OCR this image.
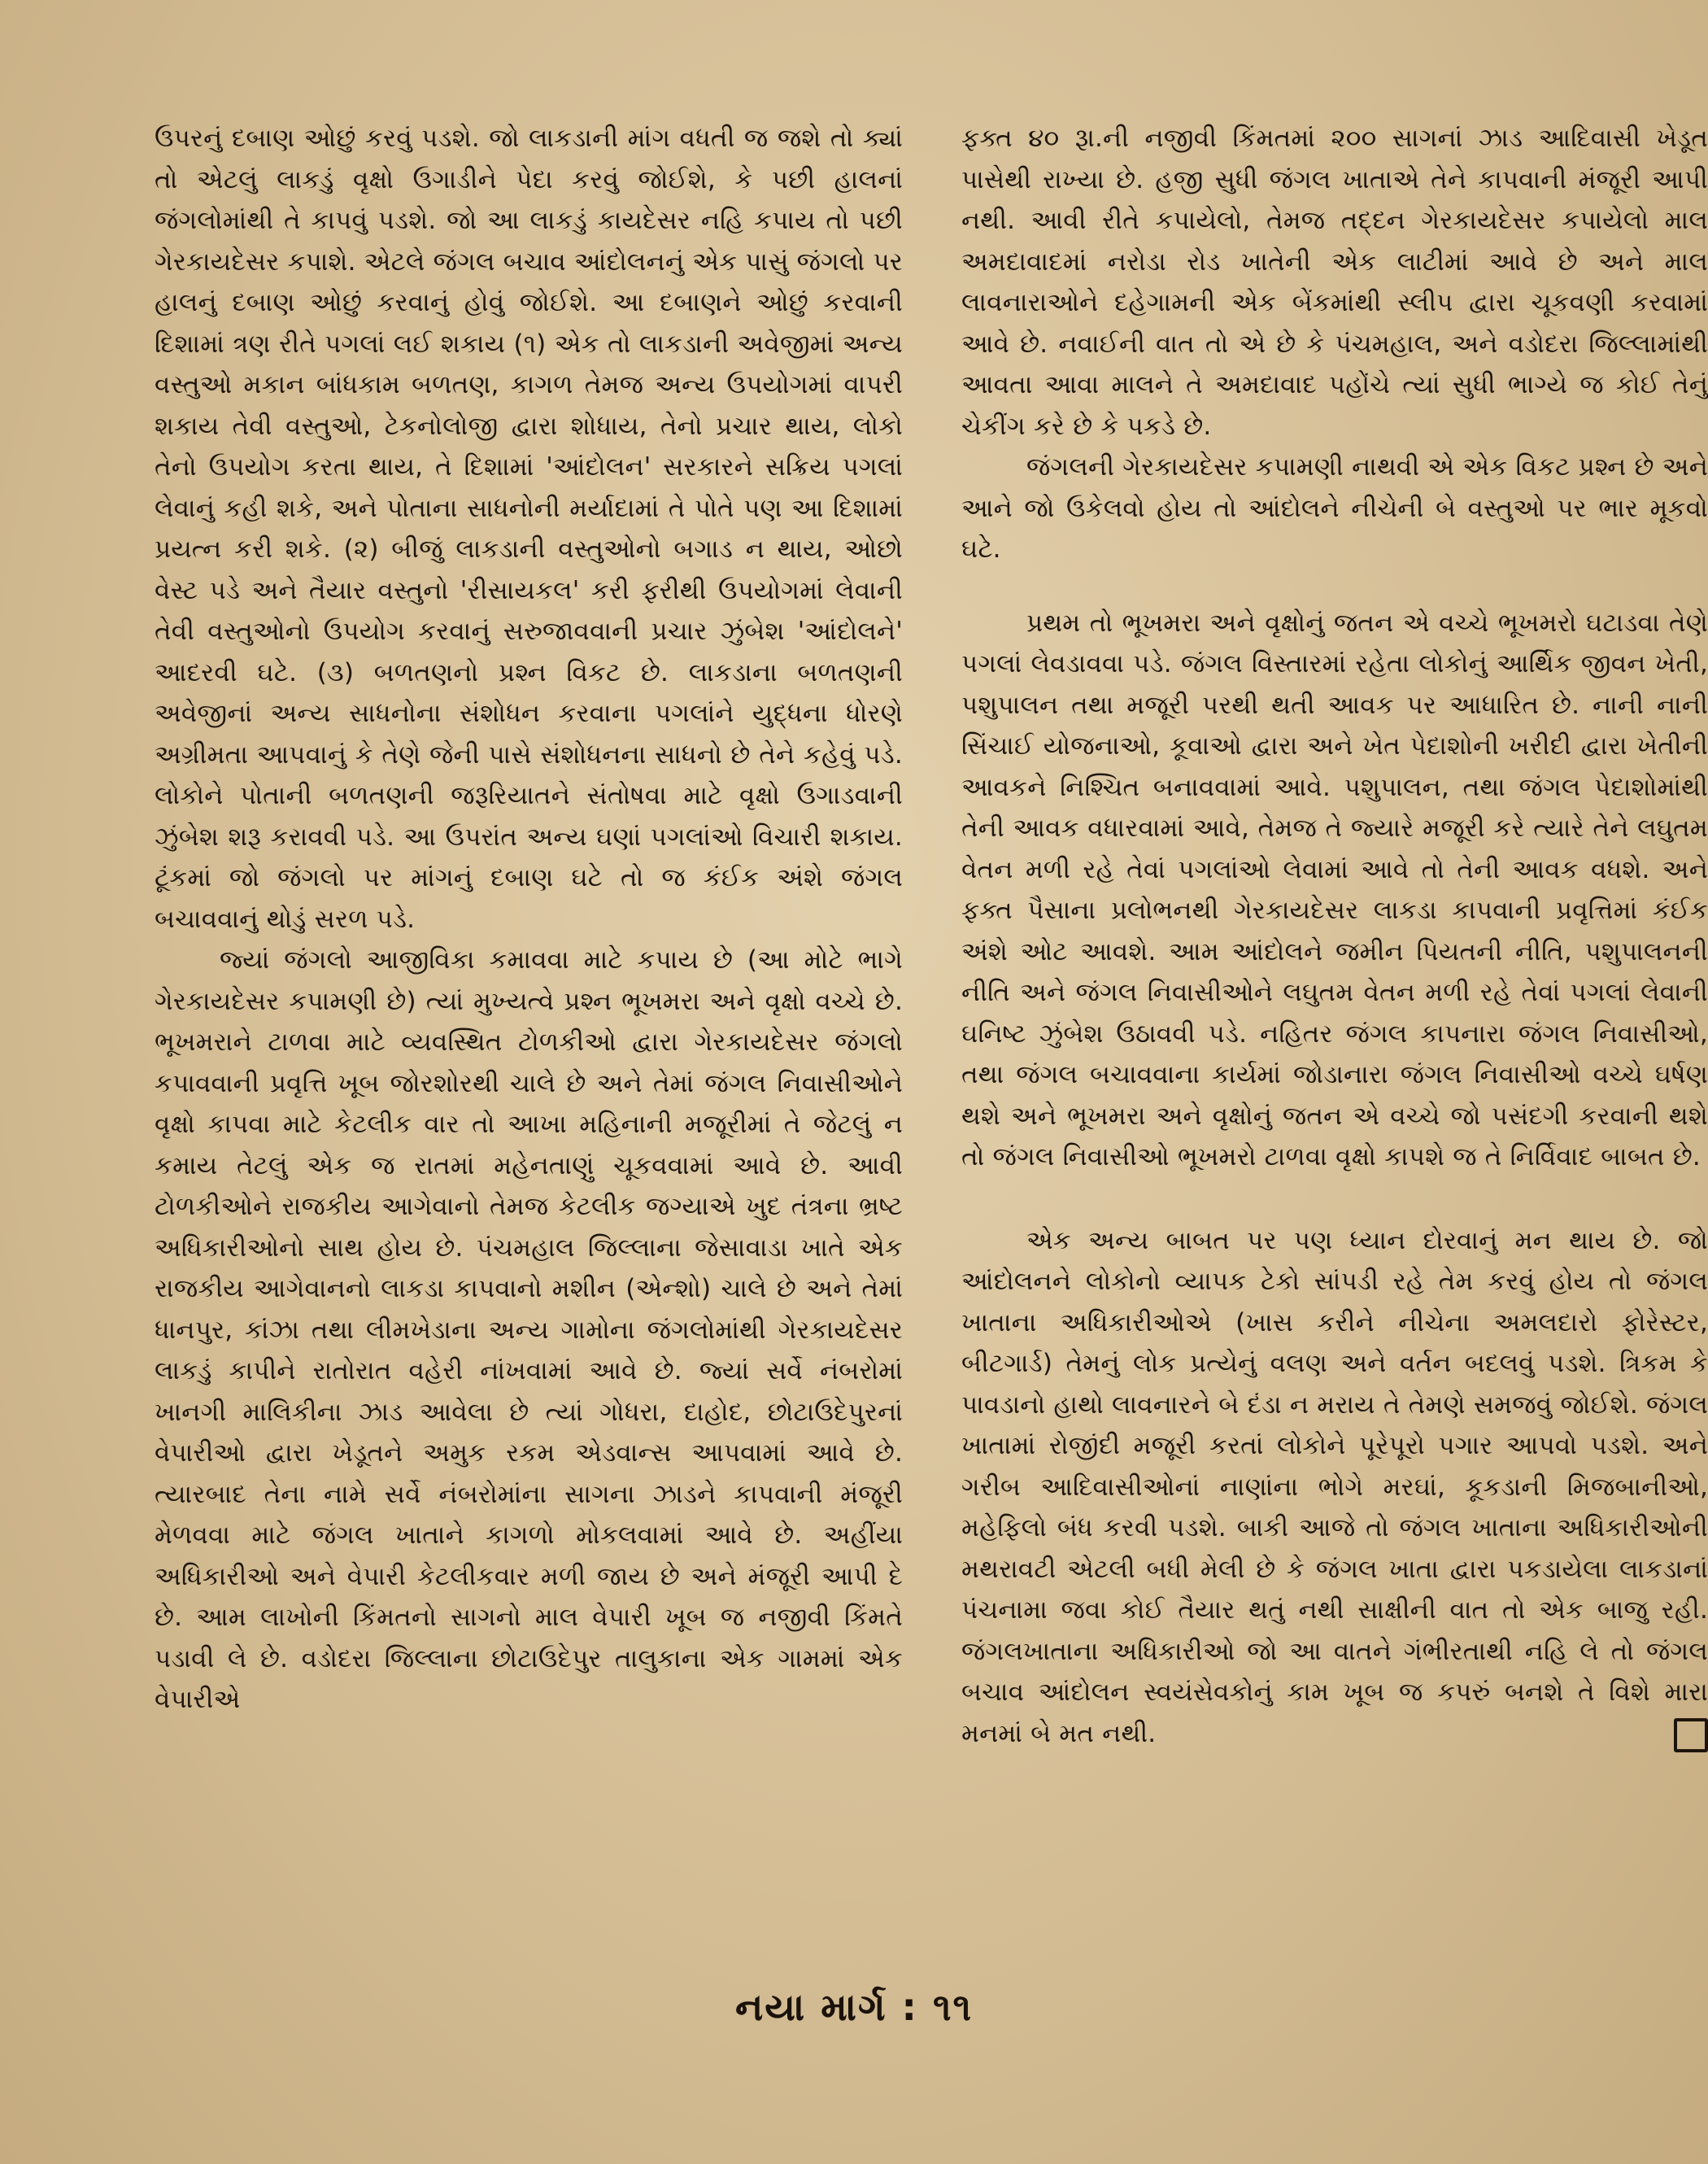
ઉપરનું દબાણ ઓછું કરવું પડશે. જો લાકડાની માંગ વધતી જ જશે તો ક્યાં તો એટલું લાકડું વૃક્ષો ઉગાડીને પેદા કરવું જોઈશે, કે પછી હાલનાં જંગલોમાંથી તે કાપવું પડશે. જો આ લાકડું કાયદેસર નહિ કપાય તો પછી ગેરકાયદેસર કપાશે. એટલે જંગલ બચાવ આંદોલનનું એક પાસું જંગલો પર હાલનું દબાણ ઓછું કરવાનું હોવું જોઈશે. આ દબાણને ઓછું કરવાની દિશામાં ત્રણ રીતે પગલાં લઈ શકાય (૧) એક તો લાકડાની અવેજીમાં અન્ય વસ્તુઓ મકાન બાંધકામ બળતણ, કાગળ તેમજ અન્ય ઉપયોગમાં વાપરી શકાય તેવી વસ્તુઓ, ટેકનોલોજી દ્વારા શોધાય, તેનો પ્રચાર થાય, લોકો તેનો ઉપયોગ કરતા થાય, તે દિશામાં 'આંદોલન' સરકારને સક્રિય પગલાં લેવાનું કહી શકે, અને પોતાના સાધનોની મર્યાદામાં તે પોતે પણ આ દિશામાં પ્રયત્ન કરી શકે. (૨) બીજું લાકડાની વસ્તુઓનો બગાડ ન થાય, ઓછો વેસ્ટ પડે અને તૈયાર વસ્તુનો 'રીસાયકલ' કરી ફરીથી ઉપયોગમાં લેવાની તેવી વસ્તુઓનો ઉપયોગ કરવાનું સરુજાવવાની પ્રચાર ઝુંબેશ 'આંદોલને' આદરવી ઘટે. (૩) બળતણનો પ્રશ્ન વિકટ છે. લાકડાના બળતણની અવેજીનાં અન્ય સાધનોના સંશોધન કરવાના પગલાંને યુદ્ધના ધોરણે અગ્રીમતા આપવાનું કે તેણે જેની પાસે સંશોધનના સાધનો છે તેને કહેવું પડે. લોકોને પોતાની બળતણની જરૂરિયાતને સંતોષવા માટે વૃક્ષો ઉગાડવાની ઝુંબેશ શરૂ કરાવવી પડે. આ ઉપરાંત અન્ય ઘણાં પગલાંઓ વિચારી શકાય. ટૂંકમાં જો જંગલો પર માંગનું દબાણ ઘટે તો જ કંઈક અંશે જંગલ બચાવવાનું થોડું સરળ પડે.

જ્યાં જંગલો આજીવિકા કમાવવા માટે કપાય છે (આ મોટે ભાગે ગેરકાયદેસર કપામણી છે) ત્યાં મુખ્યત્વે પ્રશ્ન ભૂખમરા અને વૃક્ષો વચ્ચે છે. ભૂખમરાને ટાળવા માટે વ્યવસ્થિત ટોળકીઓ દ્વારા ગેરકાયદેસર જંગલો કપાવવાની પ્રવૃત્તિ ખૂબ જોરશોરથી ચાલે છે અને તેમાં જંગલ નિવાસીઓને વૃક્ષો કાપવા માટે કેટલીક વાર તો આખા મહિનાની મજૂરીમાં તે જેટલું ન કમાય તેટલું એક જ રાતમાં મહેનતાણું ચૂકવવામાં આવે છે. આવી ટોળકીઓને રાજકીય આગેવાનો તેમજ કેટલીક જગ્યાએ ખુદ તંત્રના ભ્રષ્ટ અધિકારીઓનો સાથ હોય છે. પંચમહાલ જિલ્લાના જેસાવાડા ખાતે એક રાજકીય આગેવાનનો લાકડા કાપવાનો મશીન (એન્શો) ચાલે છે અને તેમાં ધાનપુર, કાંઝા તથા લીમખેડાના અન્ય ગામોના જંગલોમાંથી ગેરકાયદેસર લાકડું કાપીને રાતોરાત વહેરી નાંખવામાં આવે છે. જ્યાં સર્વે નંબરોમાં ખાનગી માલિકીના ઝાડ આવેલા છે ત્યાં ગોધરા, દાહોદ, છોટાઉદેપુરનાં વેપારીઓ દ્વારા ખેડૂતને અમુક રકમ એડવાન્સ આપવામાં આવે છે. ત્યારબાદ તેના નામે સર્વે નંબરોમાંના સાગના ઝાડને કાપવાની મંજૂરી મેળવવા માટે જંગલ ખાતાને કાગળો મોકલવામાં આવે છે. અહીંયા અધિકારીઓ અને વેપારી કેટલીકવાર મળી જાય છે અને મંજૂરી આપી દે છે. આમ લાખોની કિંમતનો સાગનો માલ વેપારી ખૂબ જ નજીવી કિંમતે પડાવી લે છે. વડોદરા જિલ્લાના છોટાઉદેપુર તાલુકાના એક ગામમાં એક વેપારીએ

ફક્ત ૪૦ રૂા.ની નજીવી કિંમતમાં ૨૦૦ સાગનાં ઝાડ આદિવાસી ખેડૂત પાસેથી રાખ્યા છે. હજી સુધી જંગલ ખાતાએ તેને કાપવાની મંજૂરી આપી નથી. આવી રીતે કપાયેલો, તેમજ તદ્દન ગેરકાયદેસર કપાયેલો માલ અમદાવાદમાં નરોડા રોડ ખાતેની એક લાટીમાં આવે છે અને માલ લાવનારાઓને દહેગામની એક બેંકમાંથી સ્લીપ દ્વારા ચૂકવણી કરવામાં આવે છે. નવાઈની વાત તો એ છે કે પંચમહાલ, અને વડોદરા જિલ્લામાંથી આવતા આવા માલને તે અમદાવાદ પહોંચે ત્યાં સુધી ભાગ્યે જ કોઈ તેનું ચેકીંગ કરે છે કે પકડે છે.

જંગલની ગેરકાયદેસર કપામણી નાથવી એ એક વિકટ પ્રશ્ન છે અને આને જો ઉકેલવો હોય તો આંદોલને નીચેની બે વસ્તુઓ પર ભાર મૂકવો ઘટે.

પ્રથમ તો ભૂખમરા અને વૃક્ષોનું જતન એ વચ્ચે ભૂખમરો ઘટાડવા તેણે પગલાં લેવડાવવા પડે. જંગલ વિસ્તારમાં રહેતા લોકોનું આર્થિક જીવન ખેતી, પશુપાલન તથા મજૂરી પરથી થતી આવક પર આધારિત છે. નાની નાની સિંચાઈ યોજનાઓ, કૂવાઓ દ્વારા અને ખેત પેદાશોની ખરીદી દ્વારા ખેતીની આવકને નિશ્ચિત બનાવવામાં આવે. પશુપાલન, તથા જંગલ પેદાશોમાંથી તેની આવક વધારવામાં આવે, તેમજ તે જ્યારે મજૂરી કરે ત્યારે તેને લઘુતમ વેતન મળી રહે તેવાં પગલાંઓ લેવામાં આવે તો તેની આવક વધશે. અને ફક્ત પૈસાના પ્રલોભનથી ગેરકાયદેસર લાકડા કાપવાની પ્રવૃત્તિમાં કંઈક અંશે ઓટ આવશે. આમ આંદોલને જમીન પિયતની નીતિ, પશુપાલનની નીતિ અને જંગલ નિવાસીઓને લઘુતમ વેતન મળી રહે તેવાં પગલાં લેવાની ઘનિષ્ટ ઝુંબેશ ઉઠાવવી પડે. નહિતર જંગલ કાપનારા જંગલ નિવાસીઓ, તથા જંગલ બચાવવાના કાર્યમાં જોડાનારા જંગલ નિવાસીઓ વચ્ચે ઘર્ષણ થશે અને ભૂખમરા અને વૃક્ષોનું જતન એ વચ્ચે જો પસંદગી કરવાની થશે તો જંગલ નિવાસીઓ ભૂખમરો ટાળવા વૃક્ષો કાપશે જ તે નિર્વિવાદ બાબત છે.

એક અન્ય બાબત પર પણ ધ્યાન દોરવાનું મન થાય છે. જો આંદોલનને લોકોનો વ્યાપક ટેકો સાંપડી રહે તેમ કરવું હોય તો જંગલ ખાતાના અધિકારીઓએ (ખાસ કરીને નીચેના અમલદારો ફોરેસ્ટર, બીટગાર્ડ) તેમનું લોક પ્રત્યેનું વલણ અને વર્તન બદલવું પડશે. ત્રિકમ કે પાવડાનો હાથો લાવનારને બે દંડા ન મરાય તે તેમણે સમજવું જોઈશે. જંગલ ખાતામાં રોજીંદી મજૂરી કરતાં લોકોને પૂરેપૂરો પગાર આપવો પડશે. અને ગરીબ આદિવાસીઓનાં નાણાંના ભોગે મરઘાં, કૂકડાની મિજબાનીઓ, મહેફિલો બંધ કરવી પડશે. બાકી આજે તો જંગલ ખાતાના અધિકારીઓની મથરાવટી એટલી બધી મેલી છે કે જંગલ ખાતા દ્વારા પકડાયેલા લાકડાનાં પંચનામા જવા કોઈ તૈયાર થતું નથી સાક્ષીની વાત તો એક બાજુ રહી. જંગલખાતાના અધિકારીઓ જો આ વાતને ગંભીરતાથી નહિ લે તો જંગલ બચાવ આંદોલન સ્વયંસેવકોનું કામ ખૂબ જ કપરું બનશે તે વિશે મારા મનમાં બે મત નથી.

નયા માર્ગ : ૧૧
